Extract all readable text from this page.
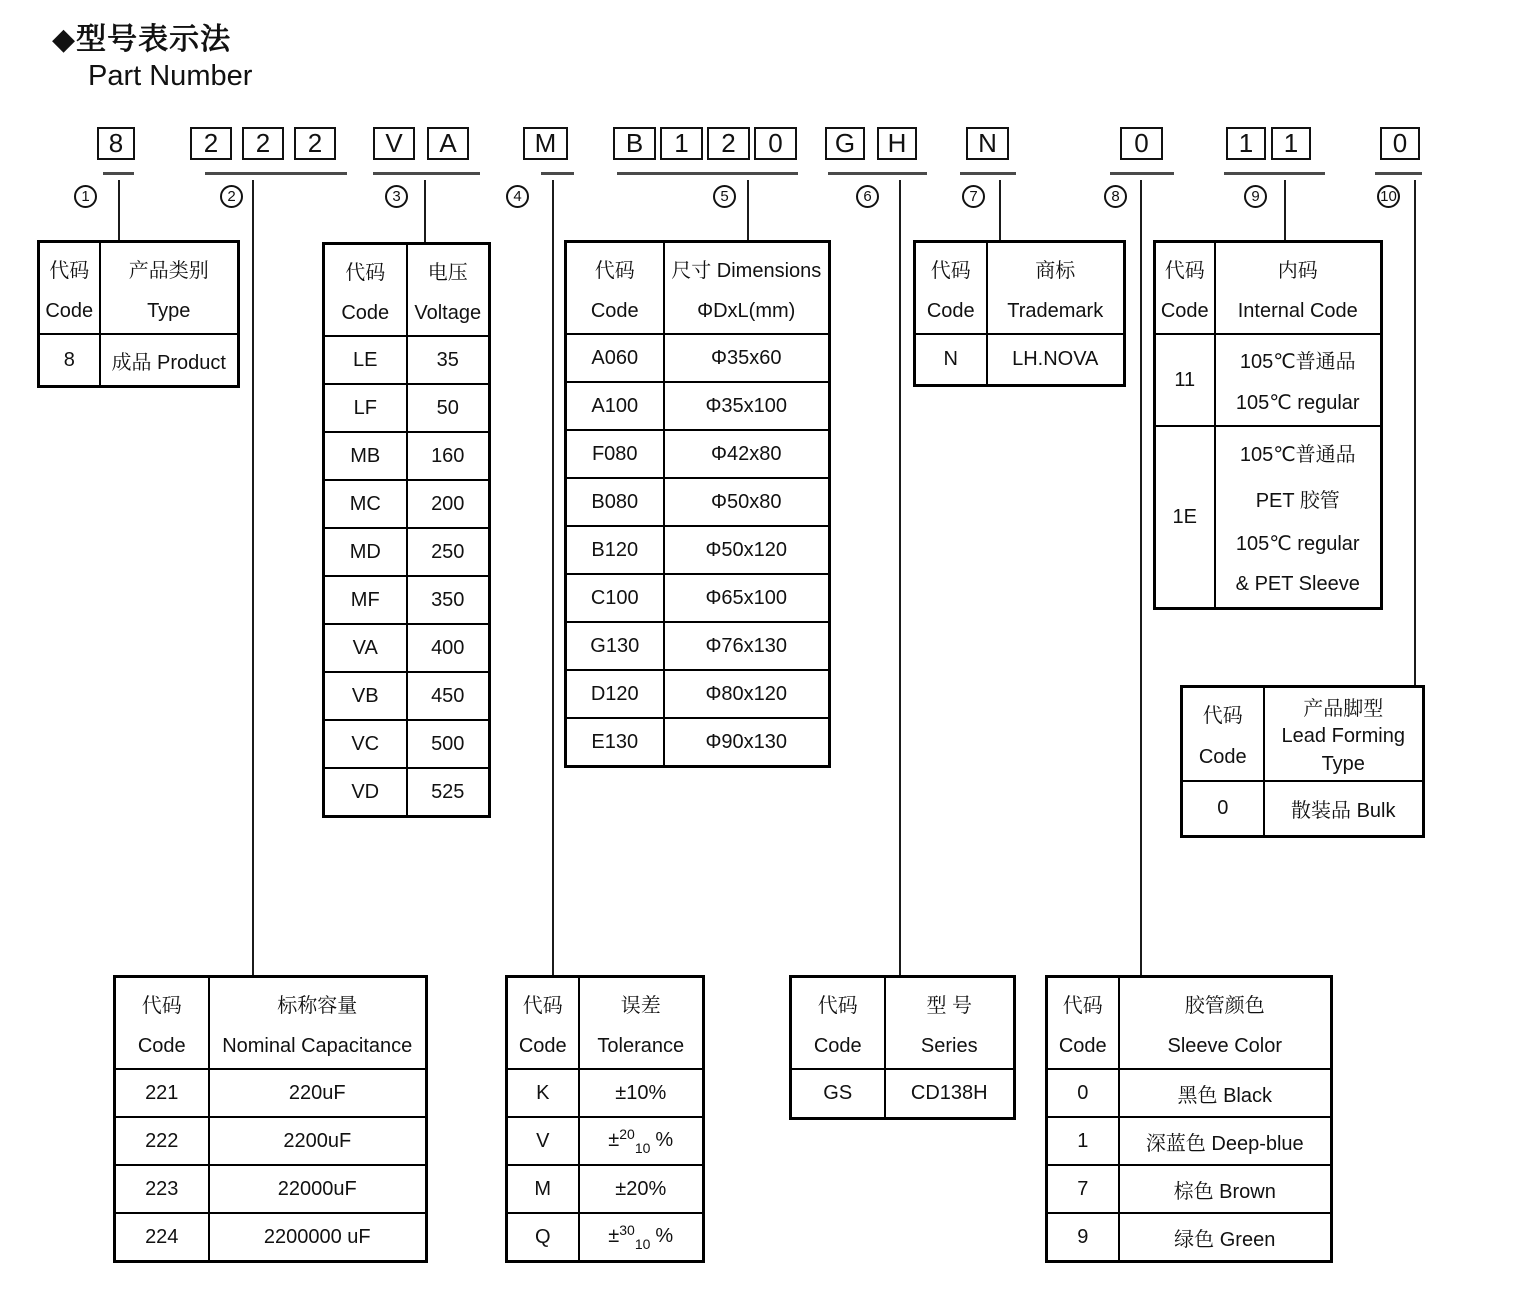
◆型号表示法
Part Number
8	2	2	2	V	A	M	B	1	2	0	G	H	N	0	1	1	0
1	2	3	4	5	6	7	8	9	10
代码
Code	产品类别
Type

8	成品 Product
代码
Code	电压
Voltage

LE	35
LF	50
MB	160
MC	200
MD	250
MF	350
VA	400
VB	450
VC	500
VD	525
代码
Code	尺寸 Dimensions
ΦDxL(mm)

A060	Φ35x60
A100	Φ35x100
F080	Φ42x80
B080	Φ50x80
B120	Φ50x120
C100	Φ65x100
G130	Φ76x130
D120	Φ80x120
E130	Φ90x130
代码
Code	商标
Trademark

N	LH.NOVA
代码
Code	内码
Internal Code

11	105℃普通品
105℃ regular

1E	105℃普通品
PET 胶管
105℃ regular
& PET Sleeve
代码
Code	产品脚型
Lead Forming
Type

0	散装品 Bulk
代码
Code	标称容量
Nominal Capacitance

221	220uF
222	2200uF
223	22000uF
224	2200000 uF
代码
Code	误差
Tolerance

K	±10%
V	±$^{20}_{10}$ %
M	±20%
Q	±$^{30}_{10}$ %
代码
Code	型 号
Series

GS	CD138H
代码
Code	胶管颜色
Sleeve Color

0	黑色 Black
1	深蓝色 Deep-blue
7	棕色 Brown
9	绿色 Green
